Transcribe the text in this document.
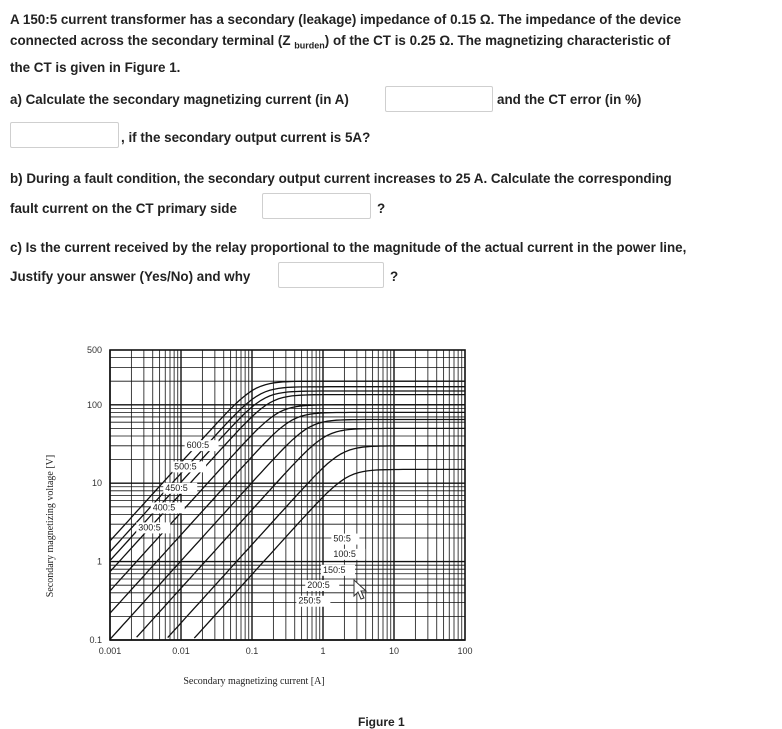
A 150:5 current transformer has a secondary (leakage) impedance of 0.15 Ω. The impedance of the device
connected across the secondary terminal (Z $_{burden}$) of the CT is 0.25 Ω. The magnetizing characteristic of
the CT is given in Figure 1.
a) Calculate the secondary magnetizing current (in A)	and the CT error (in %)
, if the secondary output current is 5A?
b) During a fault condition, the secondary output current increases to 25 A. Calculate the corresponding
fault current on the CT primary side	?
c) Is the current received by the relay proportional to the magnitude of the actual current in the power line,
Justify your answer (Yes/No) and why	?
0.001	0.01	0.1	1	10	100
500
100
10
1
0.1
600:5
500:5
450:5
400:5
300:5
250:5
200:5
150:5
100:5
50:5
Secondary magnetizing current [A]
Secondary magnetizing voltage [V]
Figure 1
